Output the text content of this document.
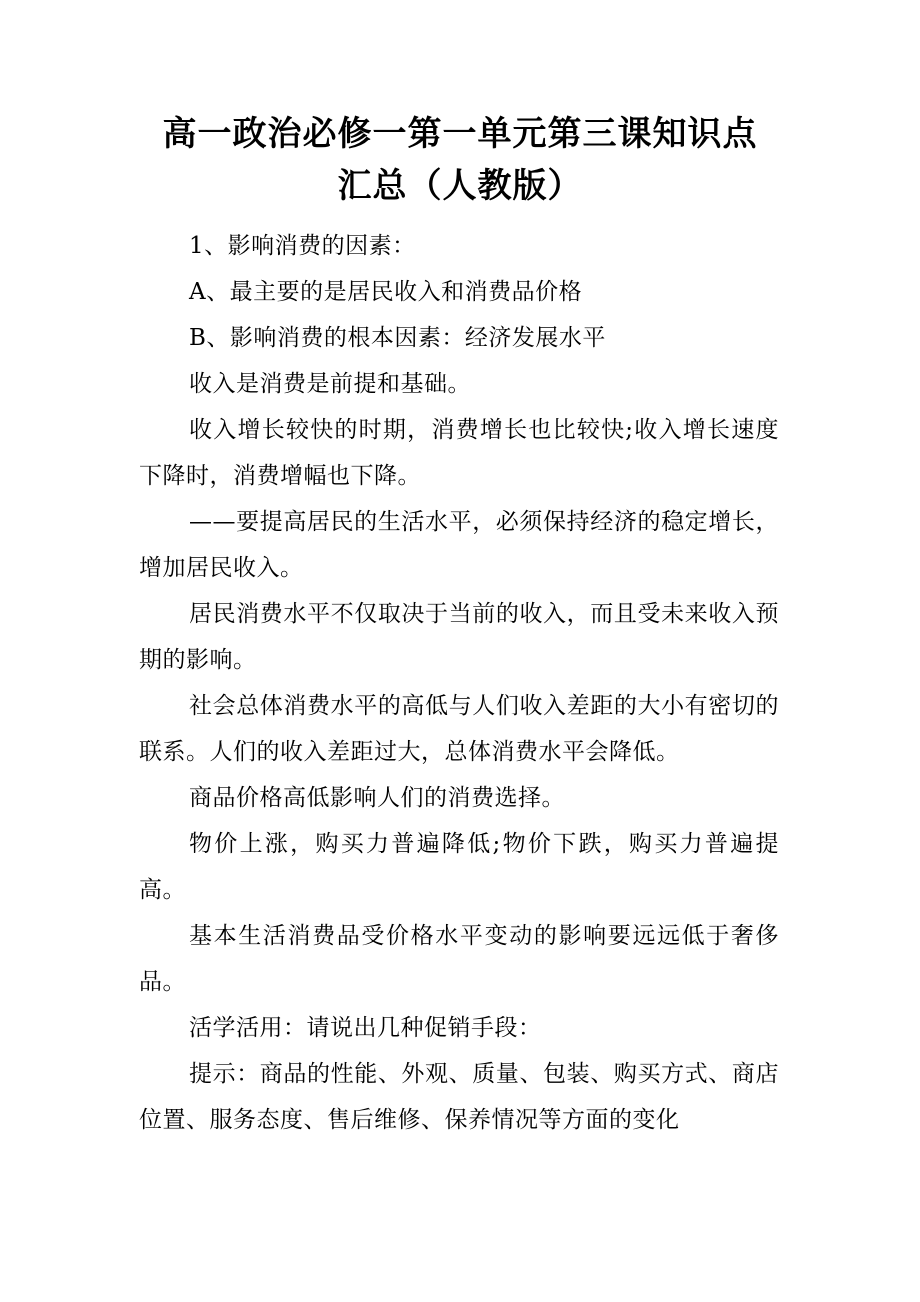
高一政治必修一第一单元第三课知识点
汇总（人教版）

1、影响消费的因素：

A、最主要的是居民收入和消费品价格

B、影响消费的根本因素：经济发展水平

收入是消费是前提和基础。

收入增长较快的时期，消费增长也比较快;收入增长速度下降时，消费增幅也下降。

——要提高居民的生活水平，必须保持经济的稳定增长，增加居民收入。

居民消费水平不仅取决于当前的收入，而且受未来收入预期的影响。

社会总体消费水平的高低与人们收入差距的大小有密切的联系。人们的收入差距过大，总体消费水平会降低。

商品价格高低影响人们的消费选择。

物价上涨，购买力普遍降低;物价下跌，购买力普遍提高。

基本生活消费品受价格水平变动的影响要远远低于奢侈品。

活学活用：请说出几种促销手段：

提示：商品的性能、外观、质量、包装、购买方式、商店位置、服务态度、售后维修、保养情况等方面的变化
